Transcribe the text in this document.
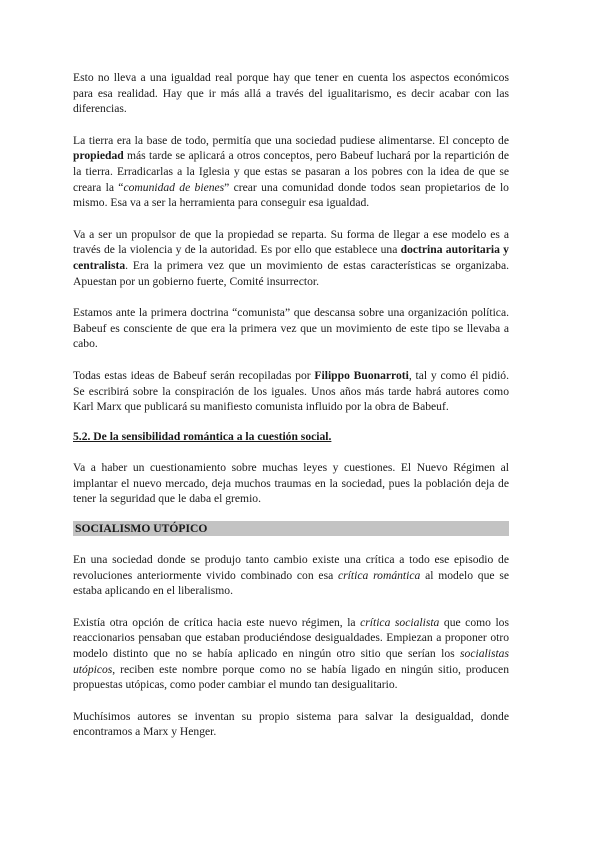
Esto no lleva a una igualdad real porque hay que tener en cuenta los aspectos económicos para esa realidad. Hay que ir más allá a través del igualitarismo, es decir acabar con las diferencias.

La tierra era la base de todo, permitía que una sociedad pudiese alimentarse. El concepto de propiedad más tarde se aplicará a otros conceptos, pero Babeuf luchará por la repartición de la tierra. Erradicarlas a la Iglesia y que estas se pasaran a los pobres con la idea de que se creara la “comunidad de bienes” crear una comunidad donde todos sean propietarios de lo mismo. Esa va a ser la herramienta para conseguir esa igualdad.

Va a ser un propulsor de que la propiedad se reparta. Su forma de llegar a ese modelo es a través de la violencia y de la autoridad. Es por ello que establece una doctrina autoritaria y centralista. Era la primera vez que un movimiento de estas características se organizaba. Apuestan por un gobierno fuerte, Comité insurrector.

Estamos ante la primera doctrina “comunista” que descansa sobre una organización política. Babeuf es consciente de que era la primera vez que un movimiento de este tipo se llevaba a cabo.

Todas estas ideas de Babeuf serán recopiladas por Filippo Buonarroti, tal y como él pidió. Se escribirá sobre la conspiración de los iguales. Unos años más tarde habrá autores como Karl Marx que publicará su manifiesto comunista influido por la obra de Babeuf.

5.2. De la sensibilidad romántica a la cuestión social.

Va a haber un cuestionamiento sobre muchas leyes y cuestiones. El Nuevo Régimen al implantar el nuevo mercado, deja muchos traumas en la sociedad, pues la población deja de tener la seguridad que le daba el gremio.

SOCIALISMO UTÓPICO

En una sociedad donde se produjo tanto cambio existe una crítica a todo ese episodio de revoluciones anteriormente vivido combinado con esa crítica romántica al modelo que se estaba aplicando en el liberalismo.

Existía otra opción de crítica hacia este nuevo régimen, la crítica socialista que como los reaccionarios pensaban que estaban produciéndose desigualdades. Empiezan a proponer otro modelo distinto que no se había aplicado en ningún otro sitio que serían los socialistas utópicos, reciben este nombre porque como no se había ligado en ningún sitio, producen propuestas utópicas, como poder cambiar el mundo tan desigualitario.

Muchísimos autores se inventan su propio sistema para salvar la desigualdad, donde encontramos a Marx y Henger.
